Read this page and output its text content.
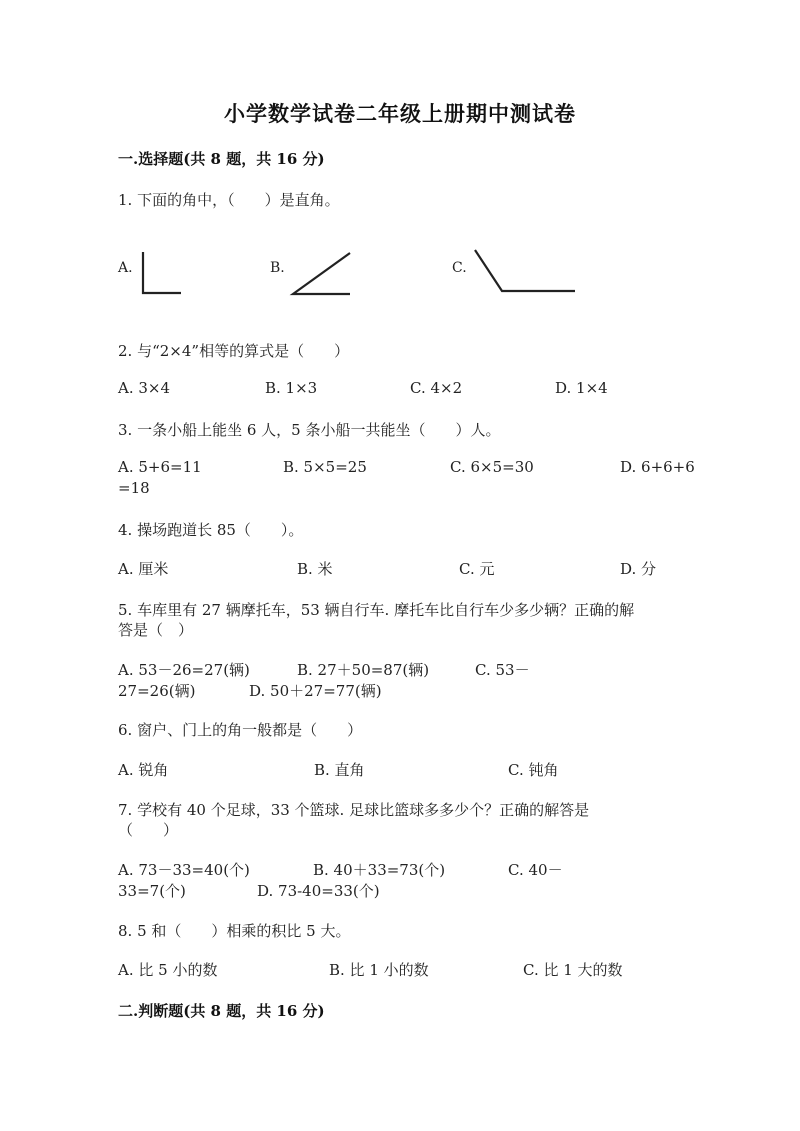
小学数学试卷二年级上册期中测试卷
一.选择题(共 8 题，共 16 分)
1. 下面的角中，（　　）是直角。
A.	B.	C.
2. 与“2×4”相等的算式是（　　）
A. 3×4	B. 1×3	C. 4×2	D. 1×4
3. 一条小船上能坐 6 人，5 条小船一共能坐（　　）人。
A. 5+6=11	B. 5×5=25	C. 6×5=30	D. 6+6+6
=18
4. 操场跑道长 85（　　）。
A. 厘米	B. 米	C. 元	D. 分
5. 车库里有 27 辆摩托车，53 辆自行车. 摩托车比自行车少多少辆？正确的解
答是（　）
A. 53－26=27(辆)	B. 27＋50=87(辆)	C. 53－
27=26(辆)	D. 50＋27=77(辆)
6. 窗户、门上的角一般都是（　　）
A. 锐角	B. 直角	C. 钝角
7. 学校有 40 个足球，33 个篮球. 足球比篮球多多少个？正确的解答是
（　　）
A. 73－33=40(个)	B. 40＋33=73(个)	C. 40－
33=7(个)	D. 73-40=33(个)
8. 5 和（　　）相乘的积比 5 大。
A. 比 5 小的数	B. 比 1 小的数	C. 比 1 大的数
二.判断题(共 8 题，共 16 分)
